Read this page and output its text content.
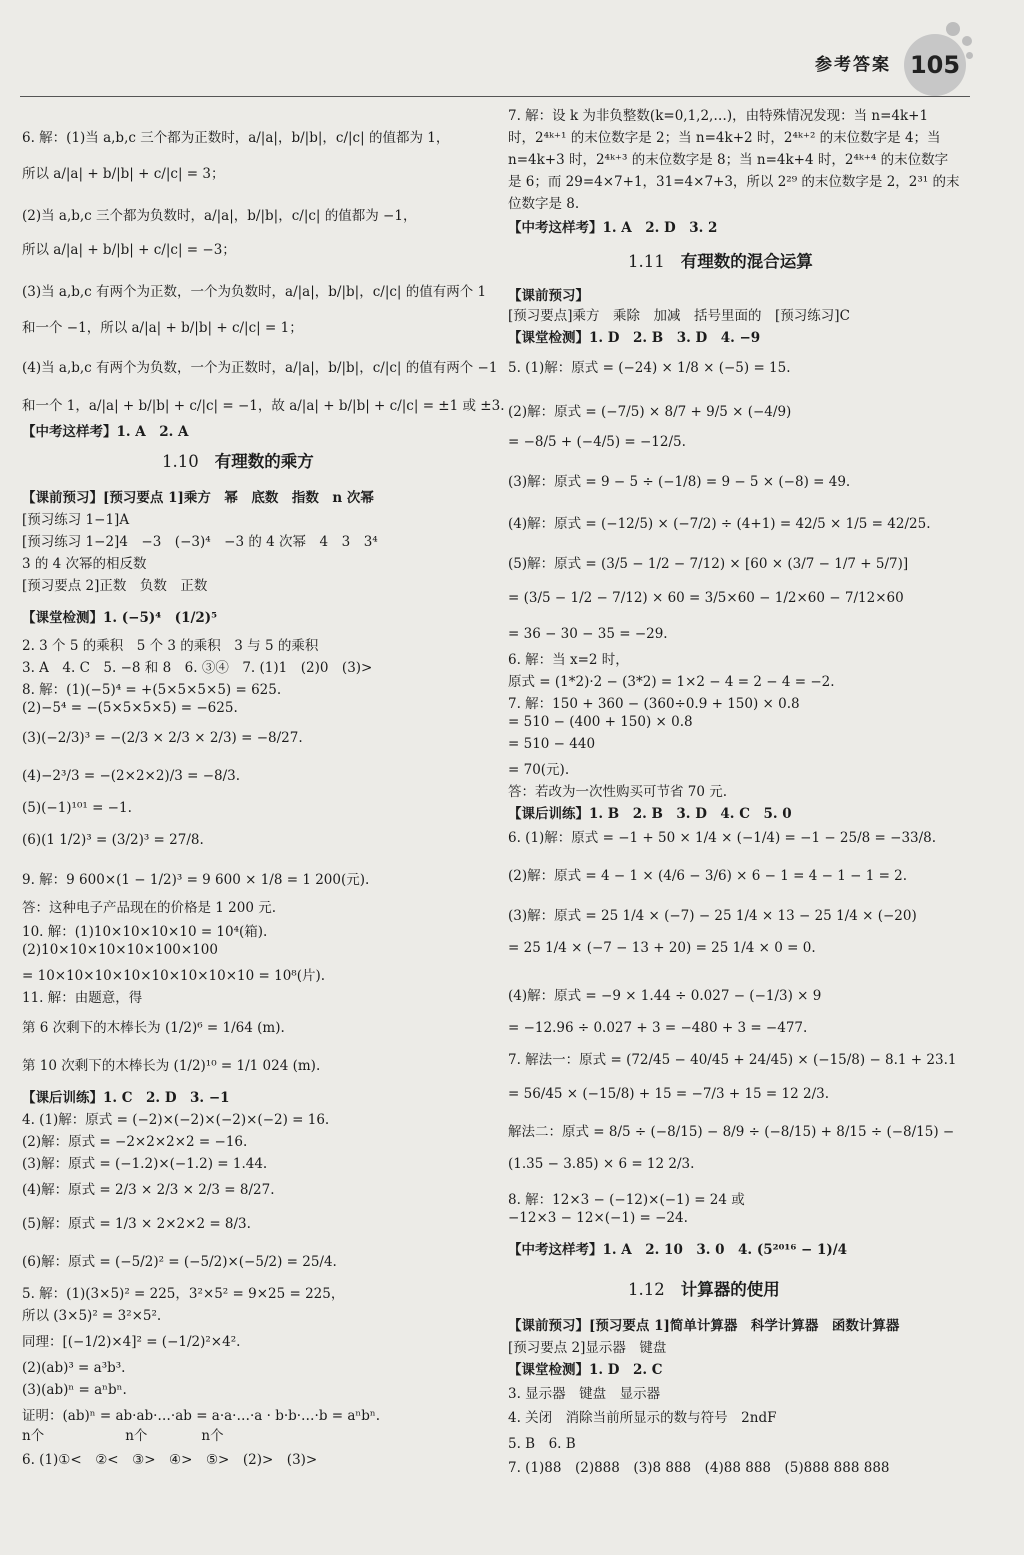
105
参考答案
6. 解：(1)当 a,b,c 三个都为正数时，a/|a|，b/|b|，c/|c| 的值都为 1，
所以 a/|a| + b/|b| + c/|c| = 3；
(2)当 a,b,c 三个都为负数时，a/|a|，b/|b|，c/|c| 的值都为 −1，
所以 a/|a| + b/|b| + c/|c| = −3；
(3)当 a,b,c 有两个为正数，一个为负数时，a/|a|，b/|b|，c/|c| 的值有两个 1
和一个 −1，所以 a/|a| + b/|b| + c/|c| = 1；
(4)当 a,b,c 有两个为负数，一个为正数时，a/|a|，b/|b|，c/|c| 的值有两个 −1
和一个 1，a/|a| + b/|b| + c/|c| = −1，故 a/|a| + b/|b| + c/|c| = ±1 或 ±3.
【中考这样考】1. A　2. A
【课前预习】[预习要点 1]乘方　幂　底数　指数　n 次幂
[预习练习 1−1]A
[预习练习 1−2]4　−3　(−3)⁴　−3 的 4 次幂　4　3　3⁴
3 的 4 次幂的相反数
[预习要点 2]正数　负数　正数
【课堂检测】1. (−5)⁴　(1/2)⁵
2. 3 个 5 的乘积　5 个 3 的乘积　3 与 5 的乘积
3. A　4. C　5. −8 和 8　6. ③④　7. (1)1　(2)0　(3)>
8. 解：(1)(−5)⁴ = +(5×5×5×5) = 625.
(2)−5⁴ = −(5×5×5×5) = −625.
(3)(−2/3)³ = −(2/3 × 2/3 × 2/3) = −8/27.
(4)−2³/3 = −(2×2×2)/3 = −8/3.
(5)(−1)¹⁰¹ = −1.
(6)(1 1/2)³ = (3/2)³ = 27/8.
9. 解：9 600×(1 − 1/2)³ = 9 600 × 1/8 = 1 200(元).
答：这种电子产品现在的价格是 1 200 元.
10. 解：(1)10×10×10×10 = 10⁴(箱).
(2)10×10×10×10×100×100
= 10×10×10×10×10×10×10×10 = 10⁸(片).
11. 解：由题意，得
第 6 次剩下的木棒长为 (1/2)⁶ = 1/64 (m).
第 10 次剩下的木棒长为 (1/2)¹⁰ = 1/1 024 (m).
【课后训练】1. C　2. D　3. −1
4. (1)解：原式 = (−2)×(−2)×(−2)×(−2) = 16.
(2)解：原式 = −2×2×2×2 = −16.
(3)解：原式 = (−1.2)×(−1.2) = 1.44.
(4)解：原式 = 2/3 × 2/3 × 2/3 = 8/27.
(5)解：原式 = 1/3 × 2×2×2 = 8/3.
(6)解：原式 = (−5/2)² = (−5/2)×(−5/2) = 25/4.
5. 解：(1)(3×5)² = 225，3²×5² = 9×25 = 225，
所以 (3×5)² = 3²×5².
同理：[(−1/2)×4]² = (−1/2)²×4².
(2)(ab)³ = a³b³.
(3)(ab)ⁿ = aⁿbⁿ.
证明：(ab)ⁿ = ab·ab·…·ab = a·a·…·a · b·b·…·b = aⁿbⁿ.
n个　　　　　　n个　　　　n个
6. (1)①<　②<　③>　④>　⑤>　(2)>　(3)>
1.10 有理数的乘方
7. 解：设 k 为非负整数(k=0,1,2,…)，由特殊情况发现：当 n=4k+1
时，2⁴ᵏ⁺¹ 的末位数字是 2；当 n=4k+2 时，2⁴ᵏ⁺² 的末位数字是 4；当
n=4k+3 时，2⁴ᵏ⁺³ 的末位数字是 8；当 n=4k+4 时，2⁴ᵏ⁺⁴ 的末位数字
是 6；而 29=4×7+1，31=4×7+3，所以 2²⁹ 的末位数字是 2，2³¹ 的末
位数字是 8.
【中考这样考】1. A　2. D　3. 2
【课前预习】
[预习要点]乘方　乘除　加减　括号里面的　[预习练习]C
【课堂检测】1. D　2. B　3. D　4. −9
5. (1)解：原式 = (−24) × 1/8 × (−5) = 15.
(2)解：原式 = (−7/5) × 8/7 + 9/5 × (−4/9)
= −8/5 + (−4/5) = −12/5.
(3)解：原式 = 9 − 5 ÷ (−1/8) = 9 − 5 × (−8) = 49.
(4)解：原式 = (−12/5) × (−7/2) ÷ (4+1) = 42/5 × 1/5 = 42/25.
(5)解：原式 = (3/5 − 1/2 − 7/12) × [60 × (3/7 − 1/7 + 5/7)]
= (3/5 − 1/2 − 7/12) × 60 = 3/5×60 − 1/2×60 − 7/12×60
= 36 − 30 − 35 = −29.
6. 解：当 x=2 时，
原式 = (1*2)·2 − (3*2) = 1×2 − 4 = 2 − 4 = −2.
7. 解：150 + 360 − (360÷0.9 + 150) × 0.8
= 510 − (400 + 150) × 0.8
= 510 − 440
= 70(元).
答：若改为一次性购买可节省 70 元.
【课后训练】1. B　2. B　3. D　4. C　5. 0
6. (1)解：原式 = −1 + 50 × 1/4 × (−1/4) = −1 − 25/8 = −33/8.
(2)解：原式 = 4 − 1 × (4/6 − 3/6) × 6 − 1 = 4 − 1 − 1 = 2.
(3)解：原式 = 25 1/4 × (−7) − 25 1/4 × 13 − 25 1/4 × (−20)
= 25 1/4 × (−7 − 13 + 20) = 25 1/4 × 0 = 0.
(4)解：原式 = −9 × 1.44 ÷ 0.027 − (−1/3) × 9
= −12.96 ÷ 0.027 + 3 = −480 + 3 = −477.
7. 解法一：原式 = (72/45 − 40/45 + 24/45) × (−15/8) − 8.1 + 23.1
= 56/45 × (−15/8) + 15 = −7/3 + 15 = 12 2/3.
解法二：原式 = 8/5 ÷ (−8/15) − 8/9 ÷ (−8/15) + 8/15 ÷ (−8/15) −
(1.35 − 3.85) × 6 = 12 2/3.
8. 解：12×3 − (−12)×(−1) = 24 或
−12×3 − 12×(−1) = −24.
【中考这样考】1. A　2. 10　3. 0　4. (5²⁰¹⁶ − 1)/4
【课前预习】[预习要点 1]简单计算器　科学计算器　函数计算器
[预习要点 2]显示器　键盘
【课堂检测】1. D　2. C
3. 显示器　键盘　显示器
4. 关闭　消除当前所显示的数与符号　2ndF
5. B　6. B
7. (1)88　(2)888　(3)8 888　(4)88 888　(5)888 888 888
1.11 有理数的混合运算
1.12 计算器的使用
